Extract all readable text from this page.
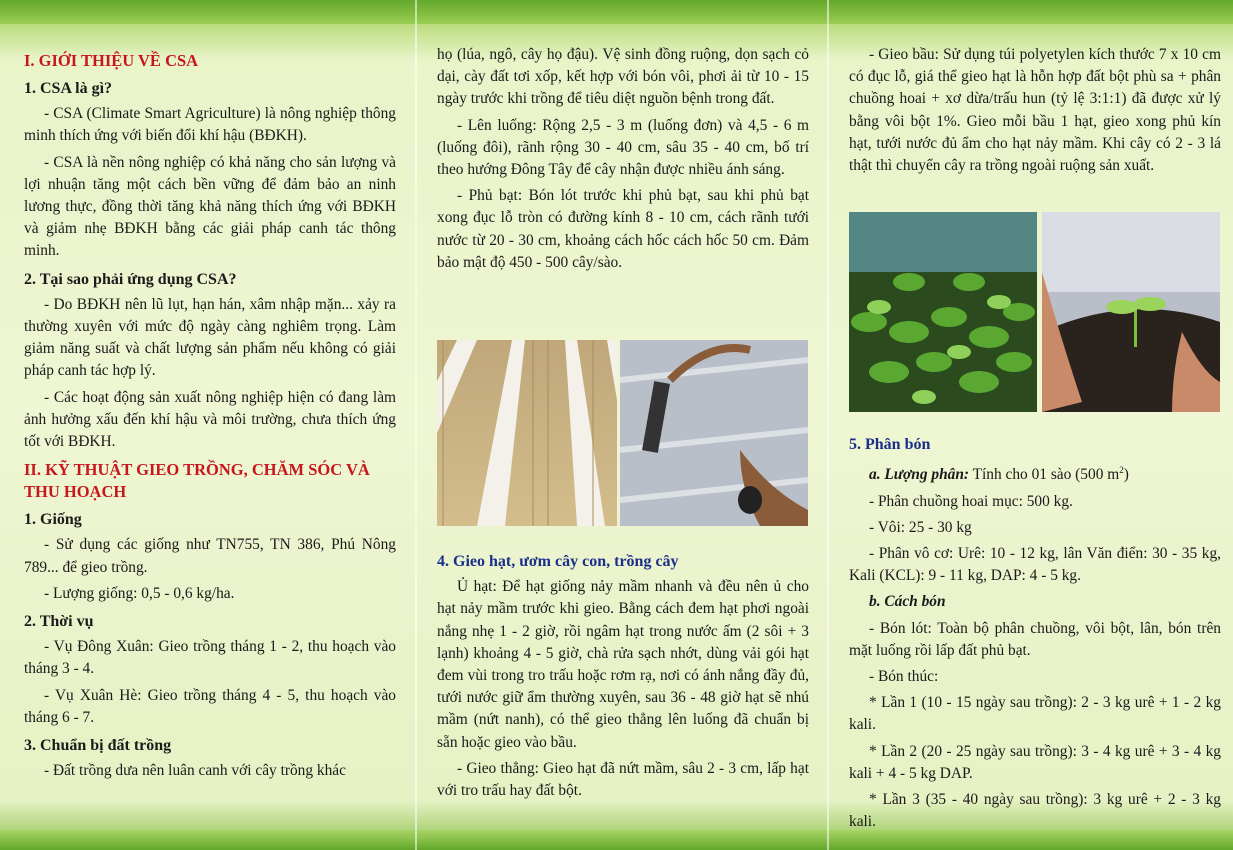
I. GIỚI THIỆU VỀ CSA
1. CSA là gì?

- CSA (Climate Smart Agriculture) là nông nghiệp thông minh thích ứng với biến đổi khí hậu (BĐKH).

- CSA là nền nông nghiệp có khả năng cho sản lượng và lợi nhuận tăng một cách bền vững để đảm bảo an ninh lương thực, đồng thời tăng khả năng thích ứng với BĐKH và giảm nhẹ BĐKH bằng các giải pháp canh tác thông minh.

2. Tại sao phải ứng dụng CSA?

- Do BĐKH nên lũ lụt, hạn hán, xâm nhập mặn... xảy ra thường xuyên với mức độ ngày càng nghiêm trọng. Làm giảm năng suất và chất lượng sản phẩm nếu không có giải pháp canh tác hợp lý.

- Các hoạt động sản xuất nông nghiệp hiện có đang làm ảnh hưởng xấu đến khí hậu và môi trường, chưa thích ứng tốt với BĐKH.

II. KỸ THUẬT GIEO TRỒNG, CHĂM SÓC VÀ THU HOẠCH
1. Giống

- Sử dụng các giống như TN755, TN 386, Phú Nông 789... để gieo trồng.

- Lượng giống: 0,5 - 0,6 kg/ha.

2. Thời vụ

- Vụ Đông Xuân: Gieo trồng tháng 1 - 2, thu hoạch vào tháng 3 - 4.

- Vụ Xuân Hè: Gieo trồng tháng 4 - 5, thu hoạch vào tháng 6 - 7.

3. Chuẩn bị đất trồng

- Đất trồng dưa nên luân canh với cây trồng khác

họ (lúa, ngô, cây họ đậu). Vệ sinh đồng ruộng, dọn sạch cỏ dại, cày đất tơi xốp, kết hợp với bón vôi, phơi ải từ 10 - 15 ngày trước khi trồng để tiêu diệt nguồn bệnh trong đất.

- Lên luống: Rộng 2,5 - 3 m (luống đơn) và 4,5 - 6 m (luống đôi), rãnh rộng 30 - 40 cm, sâu 35 - 40 cm, bố trí theo hướng Đông Tây để cây nhận được nhiều ánh sáng.

- Phủ bạt: Bón lót trước khi phủ bạt, sau khi phủ bạt xong đục lỗ tròn có đường kính 8 - 10 cm, cách rãnh tưới nước từ 20 - 30 cm, khoảng cách hốc cách hốc 50 cm. Đảm bảo mật độ 450 - 500 cây/sào.

4. Gieo hạt, ươm cây con, trồng cây

Ủ hạt: Để hạt giống nảy mầm nhanh và đều nên ủ cho hạt nảy mầm trước khi gieo. Bằng cách đem hạt phơi ngoài nắng nhẹ 1 - 2 giờ, rồi ngâm hạt trong nước ấm (2 sôi + 3 lạnh) khoảng 4 - 5 giờ, chà rửa sạch nhớt, dùng vải gói hạt đem vùi trong tro trấu hoặc rơm rạ, nơi có ánh nắng đầy đủ, tưới nước giữ ẩm thường xuyên, sau 36 - 48 giờ hạt sẽ nhú mầm (nứt nanh), có thể gieo thẳng lên luống đã chuẩn bị sẵn hoặc gieo vào bầu.

- Gieo thẳng: Gieo hạt đã nứt mầm, sâu 2 - 3 cm, lấp hạt với tro trấu hay đất bột.

- Gieo bầu: Sử dụng túi polyetylen kích thước 7 x 10 cm có đục lỗ, giá thể gieo hạt là hỗn hợp đất bột phù sa + phân chuồng hoai + xơ dừa/trấu hun (tỷ lệ 3:1:1) đã được xử lý bằng vôi bột 1%. Gieo mỗi bầu 1 hạt, gieo xong phủ kín hạt, tưới nước đủ ẩm cho hạt nảy mầm. Khi cây có 2 - 3 lá thật thì chuyển cây ra trồng ngoài ruộng sản xuất.

5. Phân bón

a. Lượng phân: Tính cho 01 sào (500 $m^2$)

- Phân chuồng hoai mục: 500 kg.

- Vôi: 25 - 30 kg

- Phân vô cơ: Urê: 10 - 12 kg, lân Văn điển: 30 - 35 kg, Kali (KCL): 9 - 11 kg, DAP: 4 - 5 kg.

b. Cách bón

- Bón lót: Toàn bộ phân chuồng, vôi bột, lân, bón trên mặt luống rồi lấp đất phủ bạt.

- Bón thúc:

* Lần 1 (10 - 15 ngày sau trồng): 2 - 3 kg urê + 1 - 2 kg kali.

* Lần 2 (20 - 25 ngày sau trồng): 3 - 4 kg urê + 3 - 4 kg kali + 4 - 5 kg DAP.

* Lần 3 (35 - 40 ngày sau trồng): 3 kg urê + 2 - 3 kg kali.
